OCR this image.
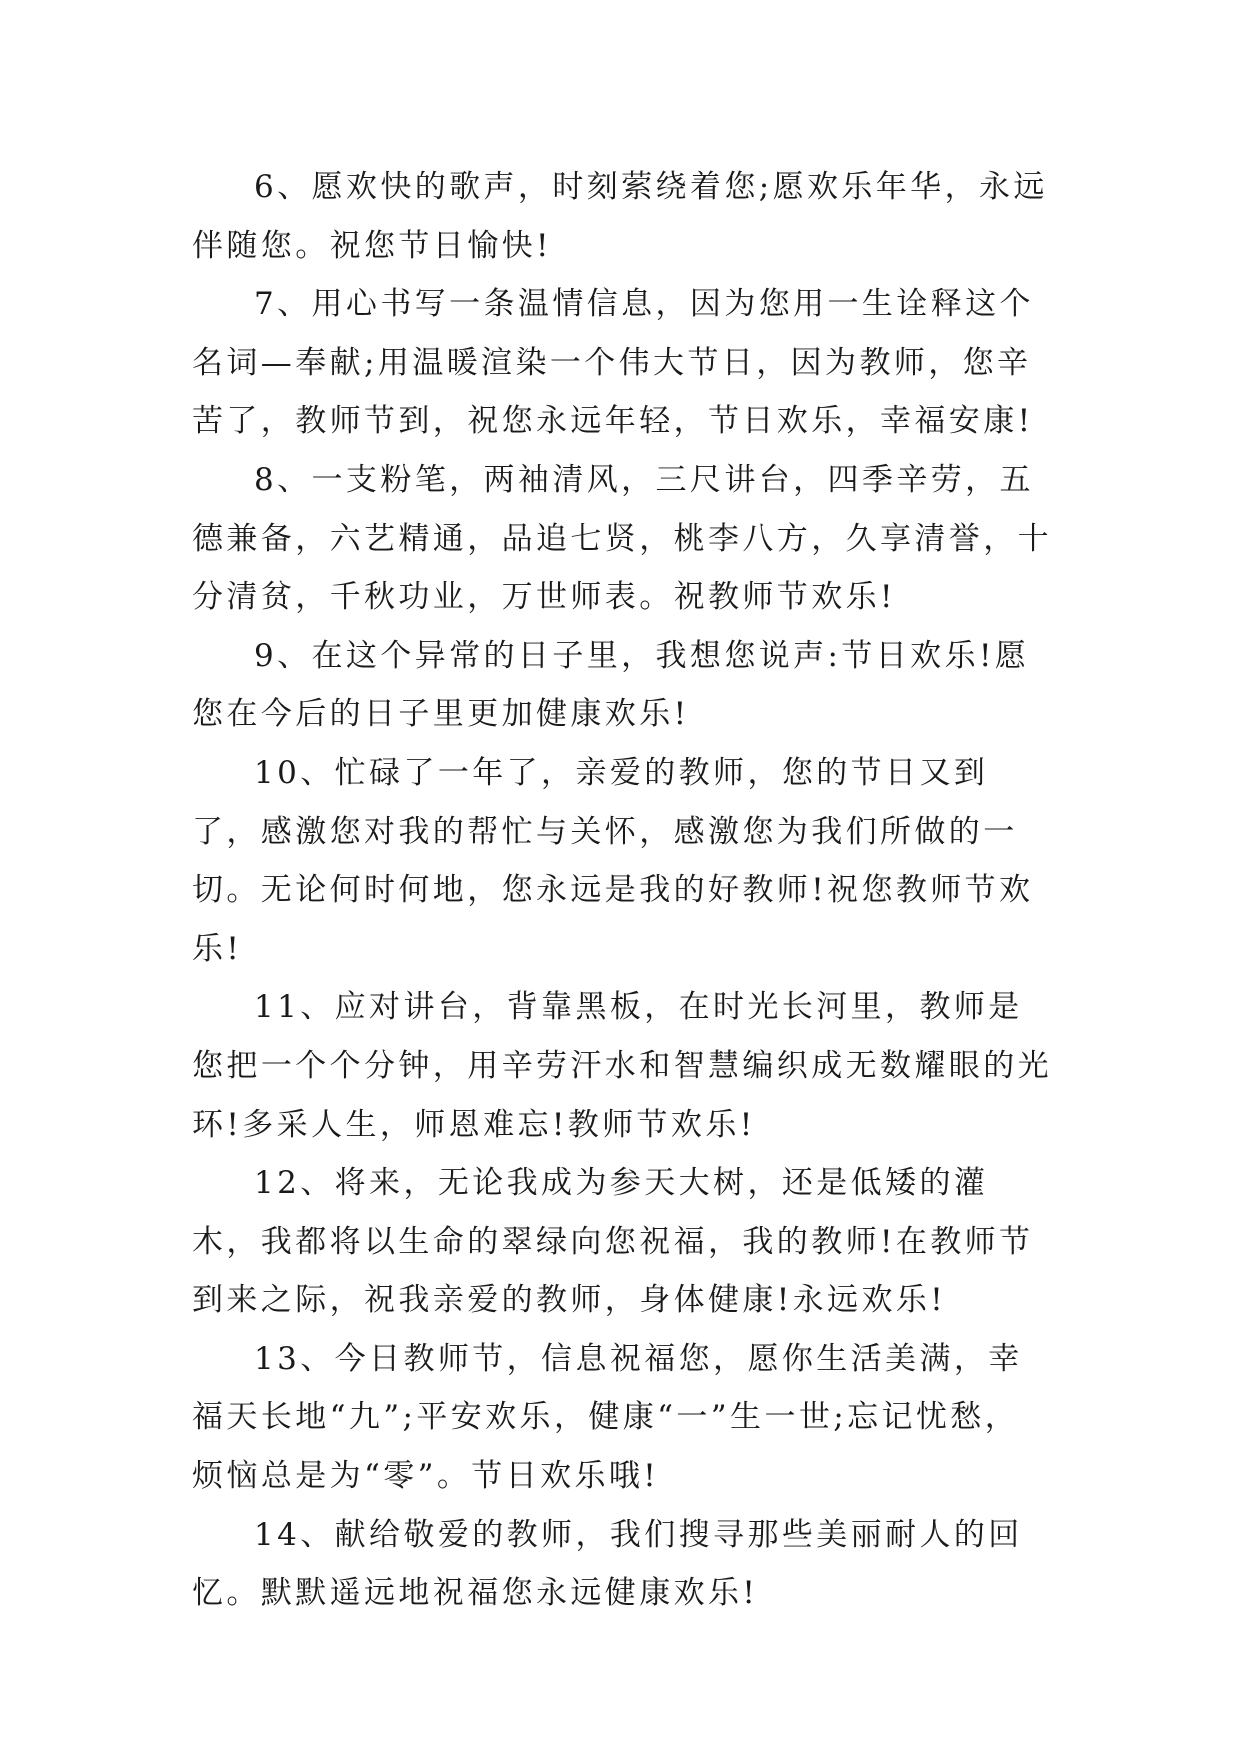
6、愿欢快的歌声，时刻萦绕着您;愿欢乐年华，永远伴随您。祝您节日愉快!

7、用心书写一条温情信息，因为您用一生诠释这个名词—奉献;用温暖渲染一个伟大节日，因为教师，您辛苦了，教师节到，祝您永远年轻，节日欢乐，幸福安康!

8、一支粉笔，两袖清风，三尺讲台，四季辛劳，五德兼备，六艺精通，品追七贤，桃李八方，久享清誉，十分清贫，千秋功业，万世师表。祝教师节欢乐!

9、在这个异常的日子里，我想您说声:节日欢乐!愿您在今后的日子里更加健康欢乐!

10、忙碌了一年了，亲爱的教师，您的节日又到了，感激您对我的帮忙与关怀，感激您为我们所做的一切。无论何时何地，您永远是我的好教师!祝您教师节欢乐!

11、应对讲台，背靠黑板，在时光长河里，教师是您把一个个分钟，用辛劳汗水和智慧编织成无数耀眼的光环!多采人生，师恩难忘!教师节欢乐!

12、将来，无论我成为参天大树，还是低矮的灌木，我都将以生命的翠绿向您祝福，我的教师!在教师节到来之际，祝我亲爱的教师，身体健康!永远欢乐!

13、今日教师节，信息祝福您，愿你生活美满，幸福天长地“九”;平安欢乐，健康“一”生一世;忘记忧愁，烦恼总是为“零”。节日欢乐哦!

14、献给敬爱的教师，我们搜寻那些美丽耐人的回忆。默默遥远地祝福您永远健康欢乐!
